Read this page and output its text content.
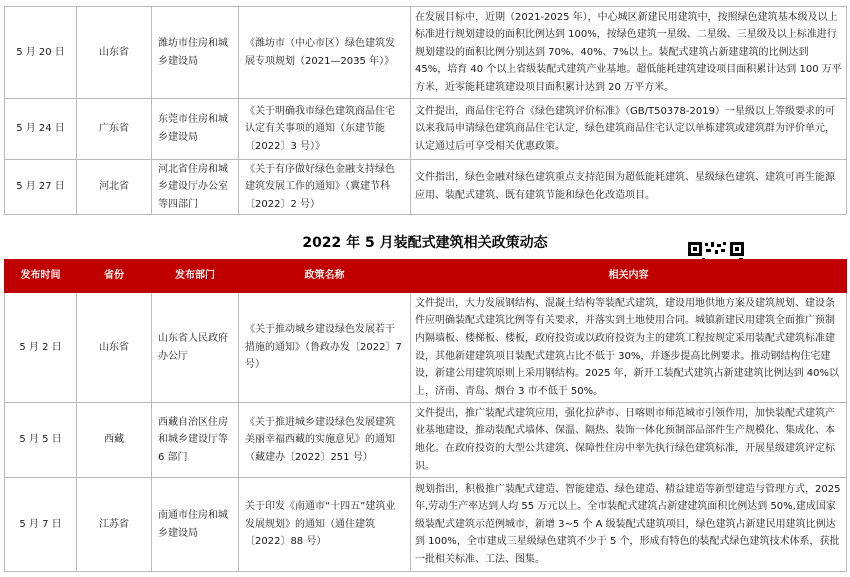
5 月 20 日	山东省	潍坊市住房和城乡建设局	《潍坊市（中心市区）绿色建筑发展专项规划（2021—2035 年）》	在发展目标中，近期（2021-2025 年），中心城区新建民用建筑中，按照绿色建筑基本级及以上标准进行规划建设的面积比例达到 100%，按绿色建筑一星级、二星级、三星级及以上标准进行规划建设的面积比例分别达到 70%、40%、7%以上。装配式建筑占新建建筑的比例达到 45%，培育 40 个以上省级装配式建筑产业基地。超低能耗建筑建设项目面积累计达到 100 万平方米，近零能耗建筑建设项目面积累计达到 20 万平方米。
5 月 24 日	广东省	东莞市住房和城乡建设局	《关于明确我市绿色建筑商品住宅认定有关事项的通知（东建节能〔2022〕3 号）》	文件提出，商品住宅符合《绿色建筑评价标准》（GB/T50378-2019）一星级以上等级要求的可以来我局申请绿色建筑商品住宅认定，绿色建筑商品住宅认定以单栋建筑或建筑群为评价单元，认定通过后可享受相关优惠政策。
5 月 27 日	河北省	河北省住房和城乡建设厅办公室等四部门	《关于有序做好绿色金融支持绿色建筑发展工作的通知》（冀建节科〔2022〕2 号）	文件指出，绿色金融对绿色建筑重点支持范围为超低能耗建筑、星级绿色建筑、建筑可再生能源应用、装配式建筑、既有建筑节能和绿色化改造项目。
2022 年 5 月装配式建筑相关政策动态
发布时间	省份	发布部门	政策名称	相关内容
5 月 2 日	山东省	山东省人民政府办公厅	《关于推动城乡建设绿色发展若干措施的通知》（鲁政办发〔2022〕7 号）	文件提出，大力发展钢结构、混凝土结构等装配式建筑，建设用地供地方案及建筑规划、建设条件应明确装配式建筑比例等有关要求，并落实到土地使用合同。城镇新建民用建筑全面推广预制内隔墙板、楼梯板、楼板，政府投资或以政府投资为主的建筑工程按规定采用装配式建筑标准建设，其他新建建筑项目装配式建筑占比不低于 30%，并逐步提高比例要求。推动钢结构住宅建设，新建公用建筑原则上采用钢结构。2025 年，新开工装配式建筑占新建建筑比例达到 40%以上，济南、青岛、烟台 3 市不低于 50%。
5 月 5 日	西藏	西藏自治区住房和城乡建设厅等 6 部门	《关于推进城乡建设绿色发展建筑美丽幸福西藏的实施意见》的通知（藏建办〔2022〕251 号）	文件提出，推广装配式建筑应用，强化拉萨市、日喀则市师范城市引领作用，加快装配式建筑产业基地建设，推动装配式墙体、保温、隔热、装饰一体化预制部品部件生产规模化、集成化、本地化。在政府投资的大型公共建筑、保障性住房中率先执行绿色建筑标准，开展星级建筑评定标识。
5 月 7 日	江苏省	南通市住房和城乡建设局	关于印发《南通市“十四五”建筑业发展规划》的通知（通住建筑〔2022〕88 号）	规划指出，积极推广装配式建造、智能建造、绿色建造、精益建造等新型建造与管理方式，2025 年,劳动生产率达到人均 55 万元以上。全市装配式建筑占新建建筑面积比例达到 50%,建成国家级装配式建筑示范例城市，新增 3~5 个 A 级装配式建筑项目，绿色建筑占新建民用建筑比例达到 100%，全市建成三星级绿色建筑不少于 5 个，形成有特色的装配式绿色建筑技术体系，获批一批相关标准、工法、图集。
